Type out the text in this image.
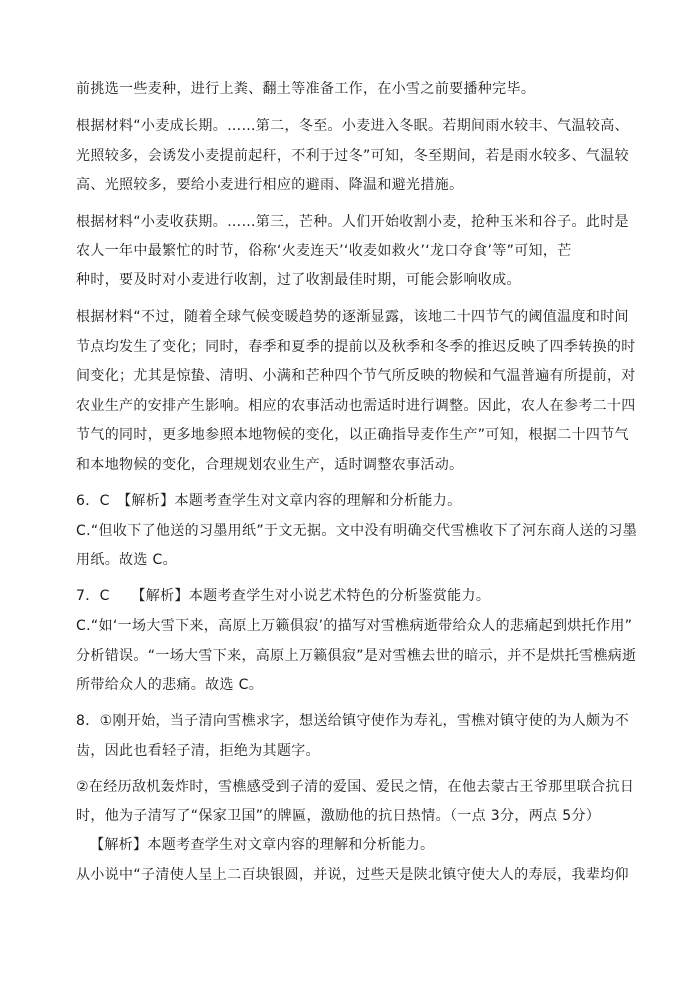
前挑选一些麦种，进行上粪、翻土等准备工作，在小雪之前要播种完毕。
根据材料“小麦成长期。……第二，冬至。小麦进入冬眠。若期间雨水较丰、气温较高、
光照较多，会诱发小麦提前起秆，不利于过冬”可知，冬至期间，若是雨水较多、气温较
高、光照较多，要给小麦进行相应的避雨、降温和避光措施。
根据材料“小麦收获期。……第三，芒种。人们开始收割小麦，抢种玉米和谷子。此时是
农人一年中最繁忙的时节，俗称‘火麦连天’‘收麦如救火’‘龙口夺食’等”可知，芒
种时，要及时对小麦进行收割，过了收割最佳时期，可能会影响收成。
根据材料“不过，随着全球气候变暖趋势的逐渐显露，该地二十四节气的阈值温度和时间
节点均发生了变化；同时，春季和夏季的提前以及秋季和冬季的推迟反映了四季转换的时
间变化；尤其是惊蛰、清明、小满和芒种四个节气所反映的物候和气温普遍有所提前，对
农业生产的安排产生影响。相应的农事活动也需适时进行调整。因此，农人在参考二十四
节气的同时，更多地参照本地物候的变化，以正确指导麦作生产”可知，根据二十四节气
和本地物候的变化，合理规划农业生产，适时调整农事活动。
6．C　【解析】本题考查学生对文章内容的理解和分析能力。
C.“但收下了他送的习墨用纸”于文无据。文中没有明确交代雪樵收下了河东商人送的习墨
用纸。故选 C。
7．C　　【解析】本题考查学生对小说艺术特色的分析鉴赏能力。
C.“如‘一场大雪下来，高原上万籁俱寂’的描写对雪樵病逝带给众人的悲痛起到烘托作用”
分析错误。“一场大雪下来，高原上万籁俱寂”是对雪樵去世的暗示，并不是烘托雪樵病逝
所带给众人的悲痛。故选 C。
8．①刚开始，当子清向雪樵求字，想送给镇守使作为寿礼，雪樵对镇守使的为人颇为不
齿，因此也看轻子清，拒绝为其题字。
②在经历敌机轰炸时，雪樵感受到子清的爱国、爱民之情，在他去蒙古王爷那里联合抗日
时，他为子清写了“保家卫国”的牌匾，激励他的抗日热情。（一点 3分，两点 5分）
【解析】本题考查学生对文章内容的理解和分析能力。
从小说中“子清使人呈上二百块银圆，并说，过些天是陕北镇守使大人的寿辰，我辈均仰
